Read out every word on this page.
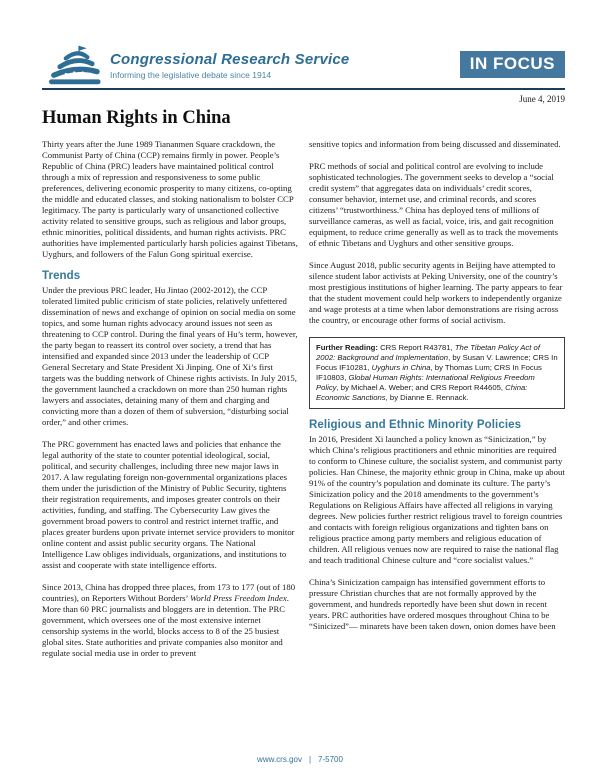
Congressional Research Service
Informing the legislative debate since 1914
IN FOCUS
June 4, 2019
Human Rights in China

Thirty years after the June 1989 Tiananmen Square crackdown, the Communist Party of China (CCP) remains firmly in power. People’s Republic of China (PRC) leaders have maintained political control through a mix of repression and responsiveness to some public preferences, delivering economic prosperity to many citizens, co-opting the middle and educated classes, and stoking nationalism to bolster CCP legitimacy. The party is particularly wary of unsanctioned collective activity related to sensitive groups, such as religious and labor groups, ethnic minorities, political dissidents, and human rights activists. PRC authorities have implemented particularly harsh policies against Tibetans, Uyghurs, and followers of the Falun Gong spiritual exercise.

Trends

Under the previous PRC leader, Hu Jintao (2002-2012), the CCP tolerated limited public criticism of state policies, relatively unfettered dissemination of news and exchange of opinion on social media on some topics, and some human rights advocacy around issues not seen as threatening to CCP control. During the final years of Hu’s term, however, the party began to reassert its control over society, a trend that has intensified and expanded since 2013 under the leadership of CCP General Secretary and State President Xi Jinping. One of Xi’s first targets was the budding network of Chinese rights activists. In July 2015, the government launched a crackdown on more than 250 human rights lawyers and associates, detaining many of them and charging and convicting more than a dozen of them of subversion, “disturbing social order,” and other crimes.

The PRC government has enacted laws and policies that enhance the legal authority of the state to counter potential ideological, social, political, and security challenges, including three new major laws in 2017. A law regulating foreign non-governmental organizations places them under the jurisdiction of the Ministry of Public Security, tightens their registration requirements, and imposes greater controls on their activities, funding, and staffing. The Cybersecurity Law gives the government broad powers to control and restrict internet traffic, and places greater burdens upon private internet service providers to monitor online content and assist public security organs. The National Intelligence Law obliges individuals, organizations, and institutions to assist and cooperate with state intelligence efforts.

Since 2013, China has dropped three places, from 173 to 177 (out of 180 countries), on Reporters Without Borders’ World Press Freedom Index. More than 60 PRC journalists and bloggers are in detention. The PRC government, which oversees one of the most extensive internet censorship systems in the world, blocks access to 8 of the 25 busiest global sites. State authorities and private companies also monitor and regulate social media use in order to prevent

sensitive topics and information from being discussed and disseminated.

PRC methods of social and political control are evolving to include sophisticated technologies. The government seeks to develop a “social credit system” that aggregates data on individuals’ credit scores, consumer behavior, internet use, and criminal records, and scores citizens’ “trustworthiness.” China has deployed tens of millions of surveillance cameras, as well as facial, voice, iris, and gait recognition equipment, to reduce crime generally as well as to track the movements of ethnic Tibetans and Uyghurs and other sensitive groups.

Since August 2018, public security agents in Beijing have attempted to silence student labor activists at Peking University, one of the country’s most prestigious institutions of higher learning. The party appears to fear that the student movement could help workers to independently organize and wage protests at a time when labor demonstrations are rising across the country, or encourage other forms of social activism.

Further Reading: CRS Report R43781, The Tibetan Policy Act of 2002: Background and Implementation, by Susan V. Lawrence; CRS In Focus IF10281, Uyghurs in China, by Thomas Lum; CRS In Focus IF10803, Global Human Rights: International Religious Freedom Policy, by Michael A. Weber; and CRS Report R44605, China: Economic Sanctions, by Dianne E. Rennack.
Religious and Ethnic Minority Policies

In 2016, President Xi launched a policy known as “Sinicization,” by which China’s religious practitioners and ethnic minorities are required to conform to Chinese culture, the socialist system, and communist party policies. Han Chinese, the majority ethnic group in China, make up about 91% of the country’s population and dominate its culture. The party’s Sinicization policy and the 2018 amendments to the government’s Regulations on Religious Affairs have affected all religions in varying degrees. New policies further restrict religious travel to foreign countries and contacts with foreign religious organizations and tighten bans on religious practice among party members and religious education of children. All religious venues now are required to raise the national flag and teach traditional Chinese culture and “core socialist values.”

China’s Sinicization campaign has intensified government efforts to pressure Christian churches that are not formally approved by the government, and hundreds reportedly have been shut down in recent years. PRC authorities have ordered mosques throughout China to be “Sinicized”— minarets have been taken down, onion domes have been

www.crs.gov | 7-5700
